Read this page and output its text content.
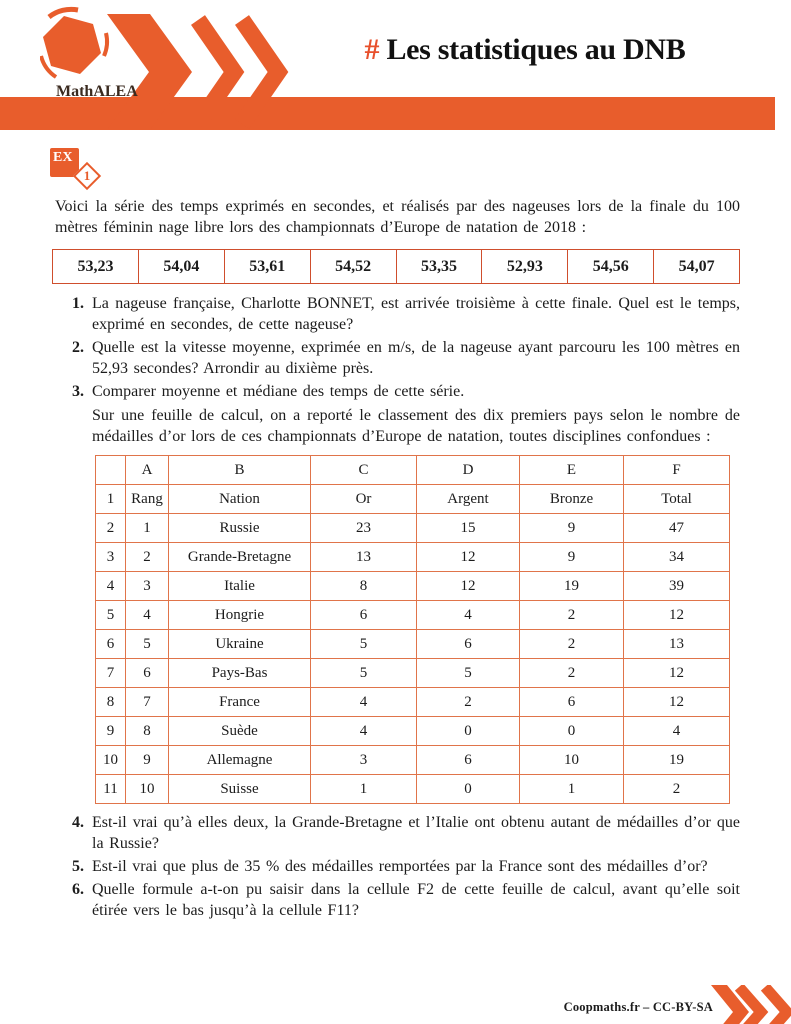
MathALEA
# Les statistiques au DNB
EX
1

Voici la série des temps exprimés en secondes, et réalisés par des nageuses lors de la finale du 100 mètres féminin nage libre lors des championnats d’Europe de natation de 2018 :

53,23	54,04	53,61	54,52	53,35	52,93	54,56	54,07
1. La nageuse française, Charlotte BONNET, est arrivée troisième à cette finale. Quel est le temps, exprimé en secondes, de cette nageuse?
2. Quelle est la vitesse moyenne, exprimée en m/s, de la nageuse ayant parcouru les 100 mètres en 52,93 secondes? Arrondir au dixième près.
3. Comparer moyenne et médiane des temps de cette série.

Sur une feuille de calcul, on a reporté le classement des dix premiers pays selon le nombre de médailles d’or lors de ces championnats d’Europe de natation, toutes disciplines confondues :

	A	B	C	D	E	F
1	Rang	Nation	Or	Argent	Bronze	Total
2	1	Russie	23	15	9	47
3	2	Grande-Bretagne	13	12	9	34
4	3	Italie	8	12	19	39
5	4	Hongrie	6	4	2	12
6	5	Ukraine	5	6	2	13
7	6	Pays-Bas	5	5	2	12
8	7	France	4	2	6	12
9	8	Suède	4	0	0	4
10	9	Allemagne	3	6	10	19
11	10	Suisse	1	0	1	2
4. Est-il vrai qu’à elles deux, la Grande-Bretagne et l’Italie ont obtenu autant de médailles d’or que la Russie?
5. Est-il vrai que plus de 35 % des médailles remportées par la France sont des médailles d’or?
6. Quelle formule a-t-on pu saisir dans la cellule F2 de cette feuille de calcul, avant qu’elle soit étirée vers le bas jusqu’à la cellule F11?
Coopmaths.fr – CC-BY-SA
